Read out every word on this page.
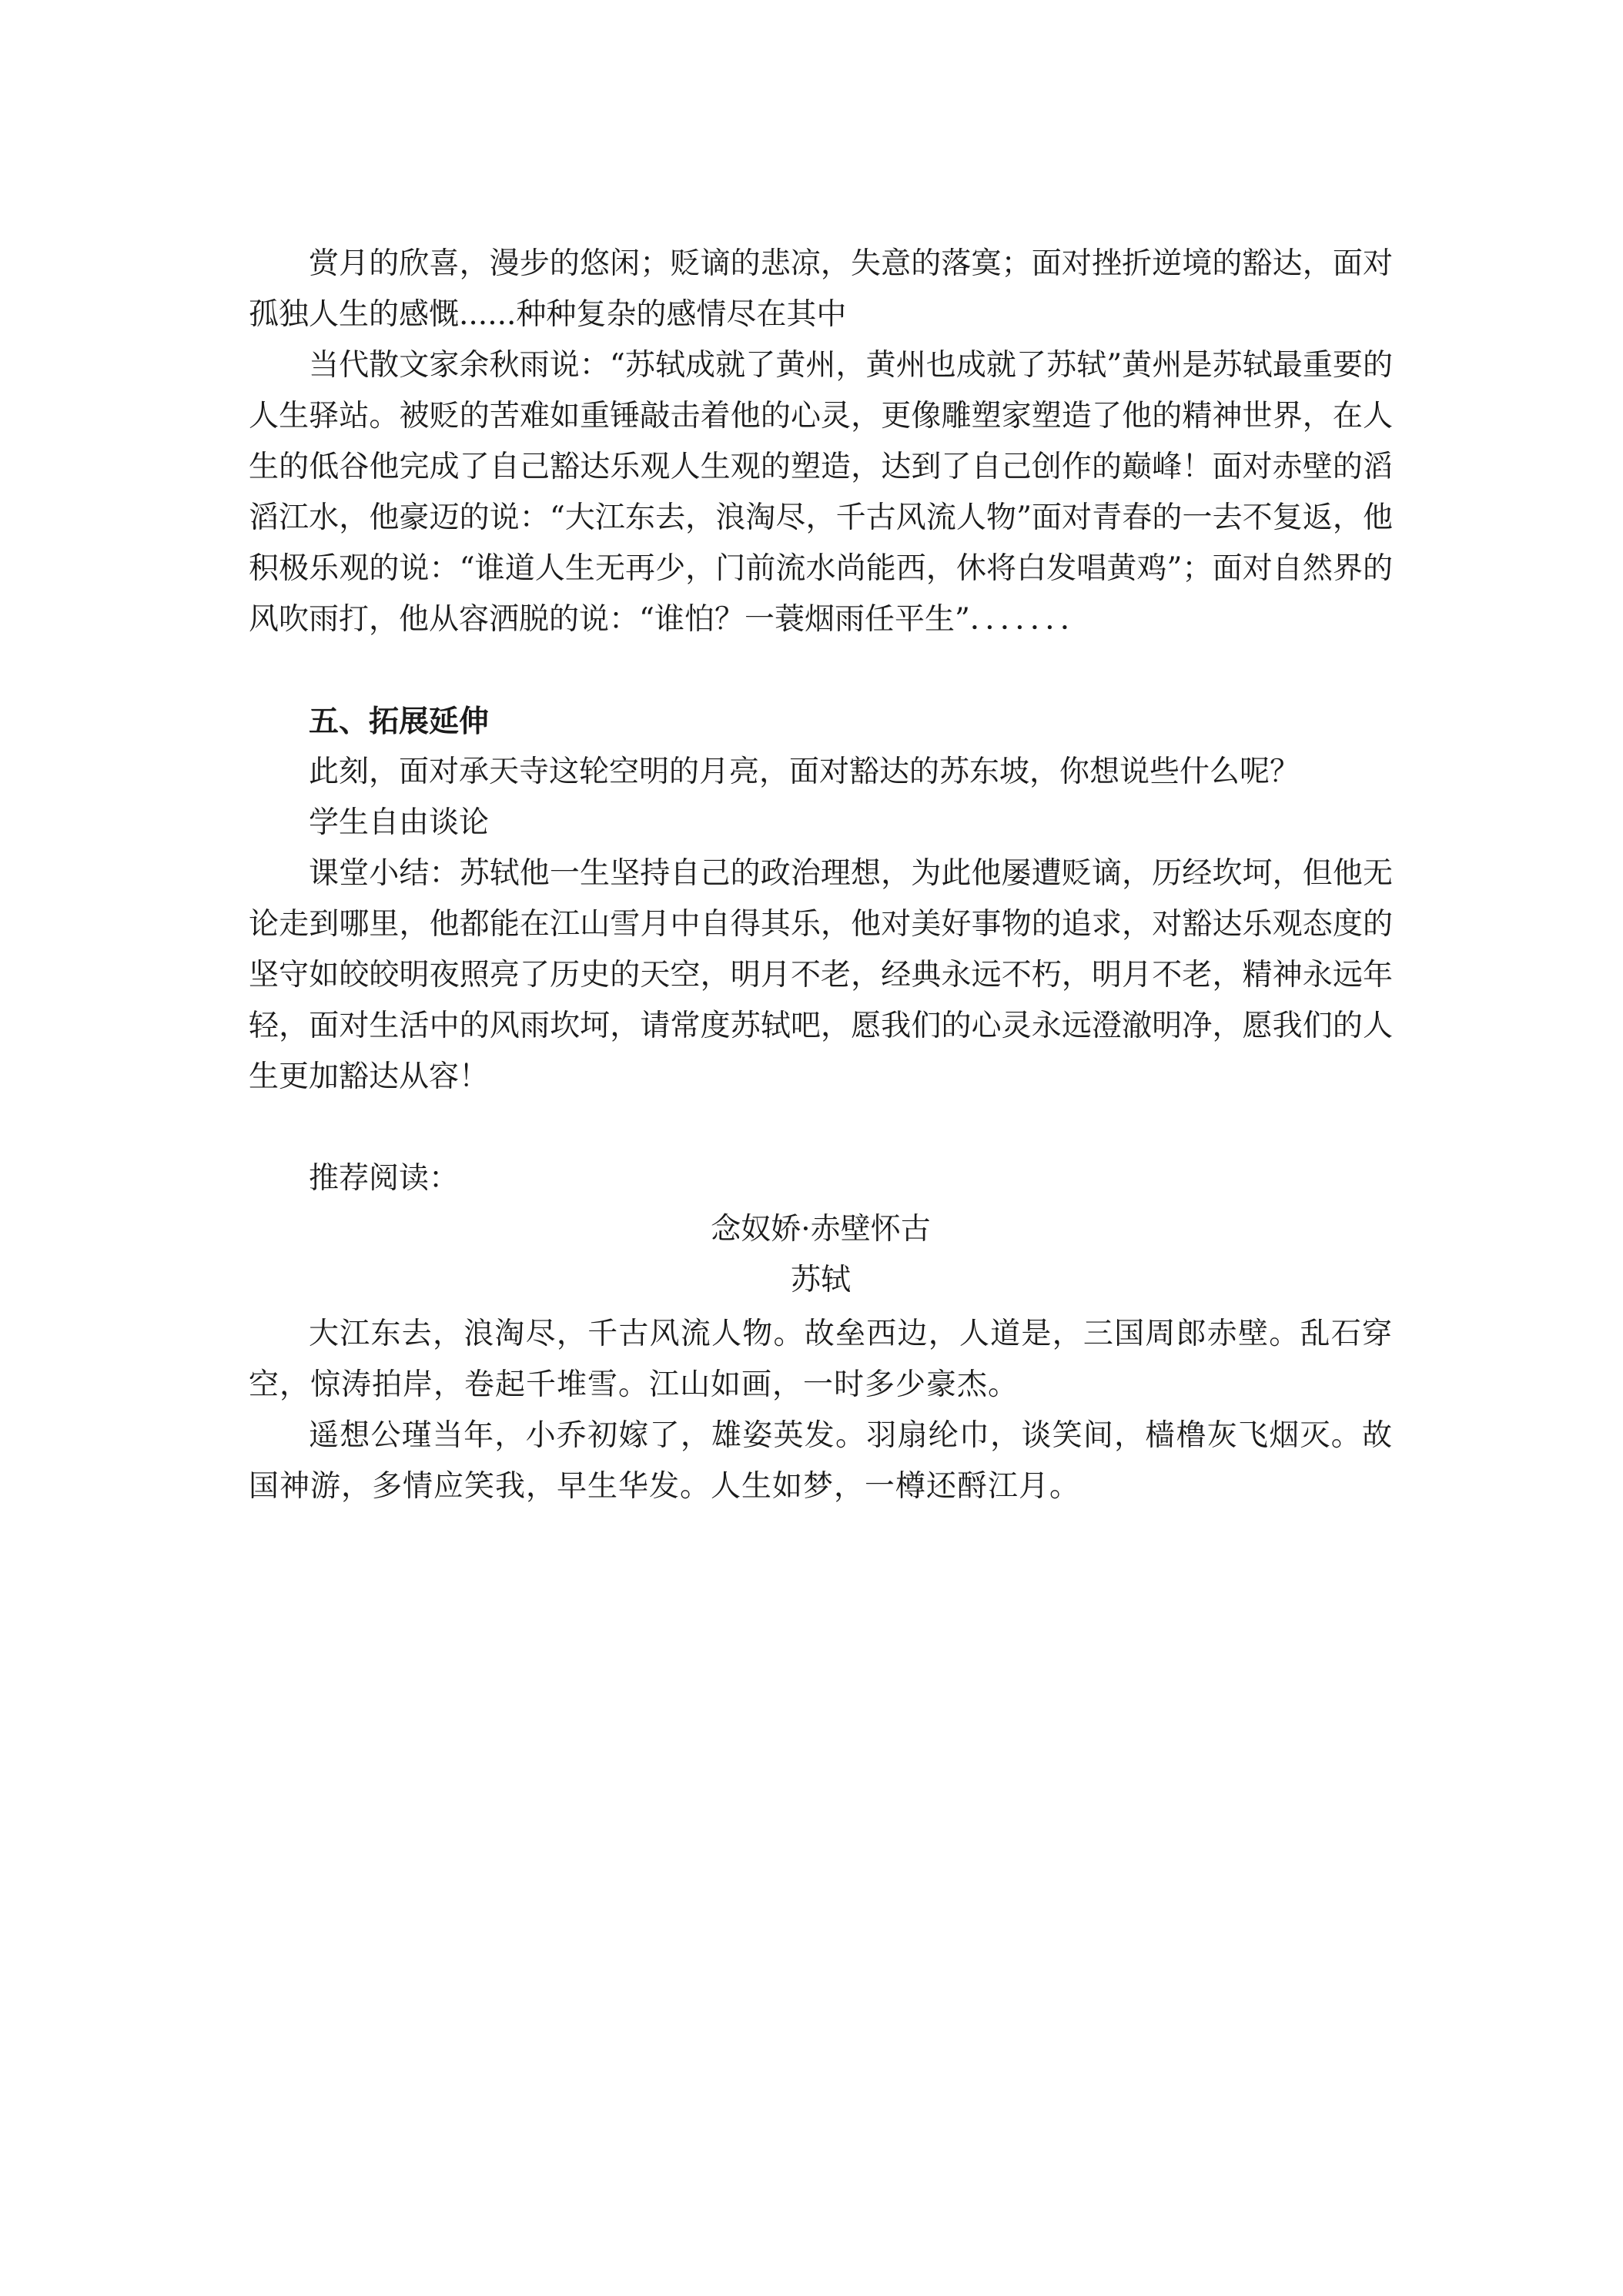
赏月的欣喜，漫步的悠闲；贬谪的悲凉，失意的落寞；面对挫折逆境的豁达，面对孤独人生的感慨......种种复杂的感情尽在其中

当代散文家余秋雨说：“苏轼成就了黄州，黄州也成就了苏轼”黄州是苏轼最重要的人生驿站。被贬的苦难如重锤敲击着他的心灵，更像雕塑家塑造了他的精神世界，在人生的低谷他完成了自己豁达乐观人生观的塑造，达到了自己创作的巅峰！面对赤壁的滔滔江水，他豪迈的说：“大江东去，浪淘尽，千古风流人物”面对青春的一去不复返，他积极乐观的说：“谁道人生无再少，门前流水尚能西，休将白发唱黄鸡”；面对自然界的风吹雨打，他从容洒脱的说：“谁怕？一蓑烟雨任平生”．．．．．．．

五、拓展延伸

此刻，面对承天寺这轮空明的月亮，面对豁达的苏东坡，你想说些什么呢？

学生自由谈论

课堂小结：苏轼他一生坚持自己的政治理想，为此他屡遭贬谪，历经坎坷，但他无论走到哪里，他都能在江山雪月中自得其乐，他对美好事物的追求，对豁达乐观态度的坚守如皎皎明夜照亮了历史的天空，明月不老，经典永远不朽，明月不老，精神永远年轻，面对生活中的风雨坎坷，请常度苏轼吧，愿我们的心灵永远澄澈明净，愿我们的人生更加豁达从容！

推荐阅读：

念奴娇·赤壁怀古

苏轼

大江东去，浪淘尽，千古风流人物。故垒西边，人道是，三国周郎赤壁。乱石穿空，惊涛拍岸，卷起千堆雪。江山如画，一时多少豪杰。

遥想公瑾当年，小乔初嫁了，雄姿英发。羽扇纶巾，谈笑间，樯橹灰飞烟灭。故国神游，多情应笑我，早生华发。人生如梦，一樽还酹江月。
